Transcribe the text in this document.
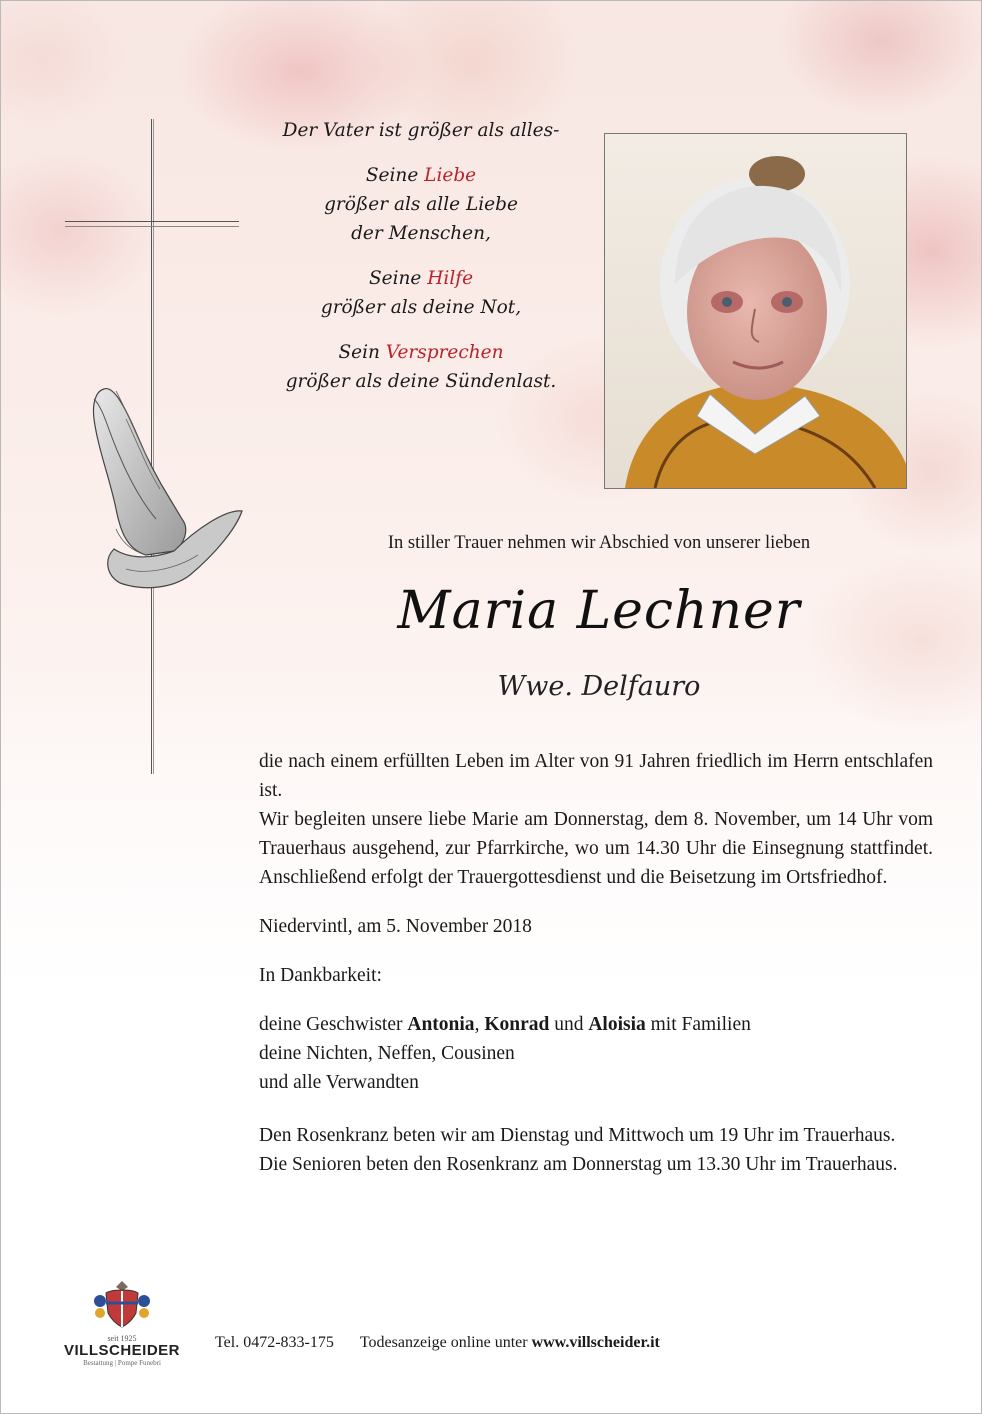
Der Vater ist größer als alles-
Seine Liebe
größer als alle Liebe
der Menschen,
Seine Hilfe
größer als deine Not,
Sein Versprechen
größer als deine Sündenlast.
In stiller Trauer nehmen wir Abschied von unserer lieben
Maria Lechner
Wwe. Delfauro

die nach einem erfüllten Leben im Alter von 91 Jahren friedlich im Herrn entschlafen ist.

Wir begleiten unsere liebe Marie am Donnerstag, dem 8. November, um 14 Uhr vom Trauerhaus ausgehend, zur Pfarrkirche, wo um 14.30 Uhr die Einsegnung stattfindet. Anschließend erfolgt der Trauergottesdienst und die Beisetzung im Ortsfriedhof.

Niedervintl, am 5. November 2018

In Dankbarkeit:

deine Geschwister Antonia, Konrad und Aloisia mit Familien

deine Nichten, Neffen, Cousinen

und alle Verwandten

Den Rosenkranz beten wir am Dienstag und Mittwoch um 19 Uhr im Trauerhaus.

Die Senioren beten den Rosenkranz am Donnerstag um 13.30 Uhr im Trauerhaus.

seit 1925
VILLSCHEIDER
Bestattung | Pompe Funebri
Tel. 0472-833-175 Todesanzeige online unter www.villscheider.it
